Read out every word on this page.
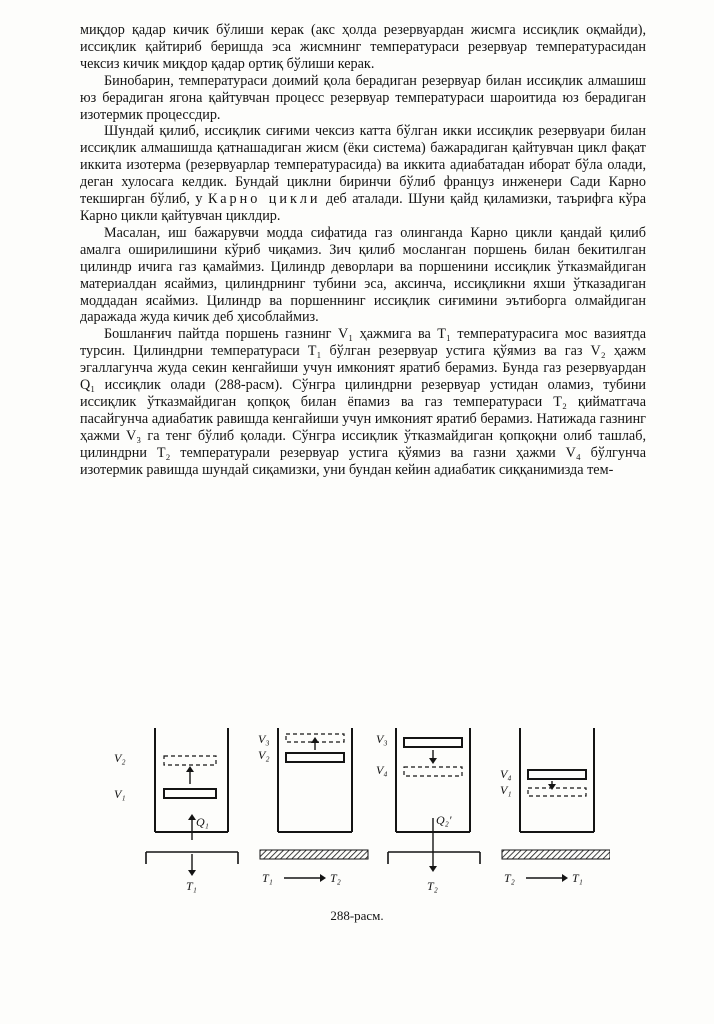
миқдор қадар кичик бўлиши керак (акс ҳолда резервуардан жисмга иссиқлик оқмайди), иссиқлик қайтириб беришда эса жисмнинг температураси резервуар температурасидан чексиз кичик миқдор қадар ортиқ бўлиши керак.

Бинобарин, температураси доимий қола берадиган резервуар билан иссиқлик алмашиш юз берадиган ягона қайтувчан процесс резервуар температураси шароитида юз берадиган изотермик процессдир.

Шундай қилиб, иссиқлик сиғими чексиз катта бўлган икки иссиқлик резервуари билан иссиқлик алмашишда қатнашадиган жисм (ёки система) бажарадиган қайтувчан цикл фақат иккита изотерма (резервуарлар температурасида) ва иккита адиабатадан иборат бўла олади, деган хулосага келдик. Бундай циклни биринчи бўлиб француз инженери Сади Карно текширган бўлиб, у Карно цикли деб аталади. Шуни қайд қиламизки, таърифга кўра Карно цикли қайтувчан циклдир.

Масалан, иш бажарувчи модда сифатида газ олинганда Карно цикли қандай қилиб амалга оширилишини кўриб чиқамиз. Зич қилиб мосланган поршень билан бекитилган цилиндр ичига газ қамаймиз. Цилиндр деворлари ва поршенини иссиқлик ўтказмайдиган материалдан ясаймиз, цилиндрнинг тубини эса, аксинча, иссиқликни яхши ўтказадиган моддадан ясаймиз. Цилиндр ва поршеннинг иссиқлик сиғимини эътиборга олмайдиган даражада жуда кичик деб ҳисоблаймиз.

Бошланғич пайтда поршень газнинг V₁ ҳажмига ва T₁ температурасига мос вазиятда турсин. Цилиндрни температураси T₁ бўлган резервуар устига қўямиз ва газ V₂ ҳажм эгаллагунча жуда секин кенгайиши учун имконият яратиб берамиз. Бунда газ резервуардан Q₁ иссиқлик олади (288-расм). Сўнгра цилиндрни резервуар устидан оламиз, тубини иссиқлик ўтказмайдиган қопқоқ билан ёпамиз ва газ температураси T₂ қийматгача пасайгунча адиабатик равишда кенгайиши учун имконият яратиб берамиз. Натижада газнинг ҳажми V₃ га тенг бўлиб қолади. Сўнгра иссиқлик ўтказмайдиган қопқоқни олиб ташлаб, цилиндрни T₂ температурали резервуар устига қўямиз ва газни ҳажми V₄ бўлгунча изотермик равишда шундай сиқамизки, уни бундан кейин адиабатик сиққанимизда тем-

V₂
V₁
Q₁
T₁
V₃
V₂
T₁	T₂
V₃
V₄
Q₂'
T₂
V₄
V₁
T₂	T₁
288-расм.
